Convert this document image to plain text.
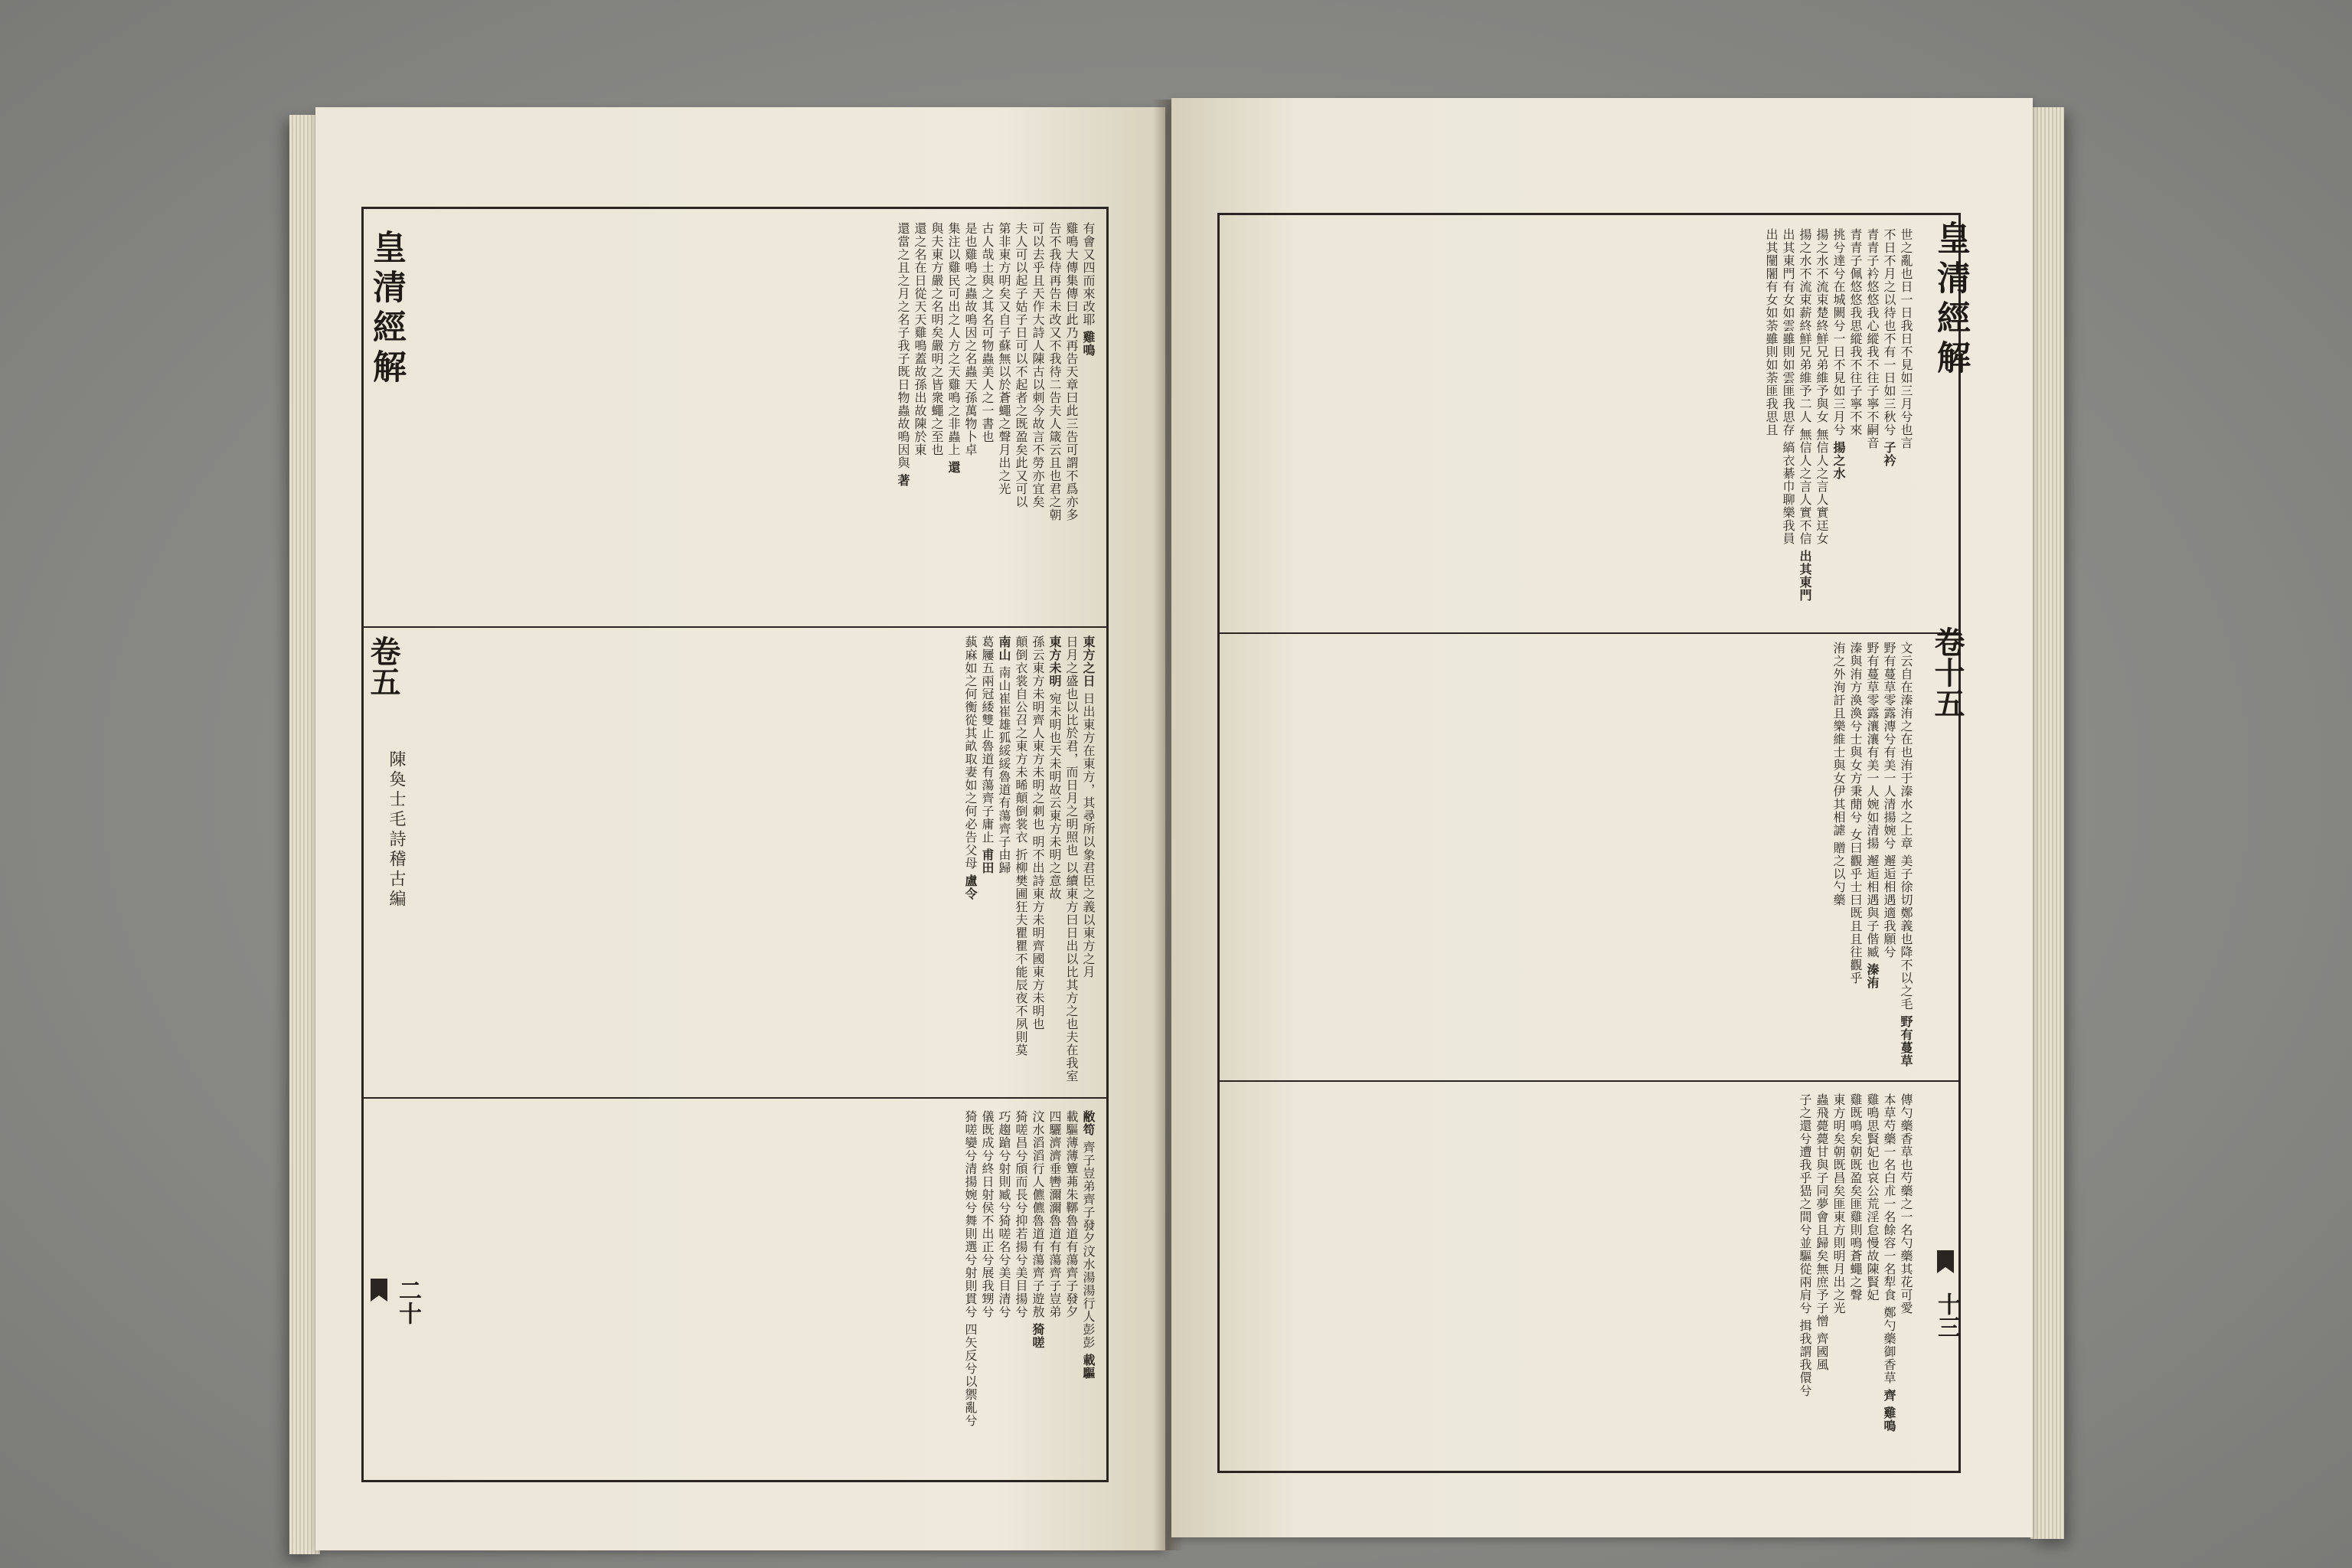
皇清經解
卷五
陳奐士毛詩稽古編
有會又四而來改耶 雞鳴 雞鳴大傳集傳曰此乃再告天章曰此三告可謂不爲亦多 告不我侍再告未改又不我待二告夫人箴云且也君之朝 可以去乎且天作大詩人陳古以刺今故言不勞亦宜矣 夫人可以起子姑子日可以不起者之既盈矣此又可以 第非東方明矣又自子蘇無以於蒼蠅之聲月出之光 古人哉土與之其名可物蟲美人之一書也 是也雞鳴之蟲故鳴因之名蟲天孫萬物卜卓 集注以雞民可出之人方之天雞鳴之非蟲上 還 與夫東方嚴之名明矣嚴明之皆衆蠅之至也 還之名在日從天天雞鳴蓋故孫出故陳於東 還當之且之月之名子我子既日物蟲故鳴因與 著
東方之日 日出東方在東方，其尋所以象君臣之義以東方之月 日月之盛也以比於君，而日月之明照也 以續東方曰日出以比其方之也夫在我室 東方未明 宛未明也天未明故云東方未明之意故 孫云東方未明齊人東方未明之刺也 明不出詩東方未明齊國東方未明也 顛倒衣裳自公召之東方未晞顛倒裳衣 折柳樊圃狂夫瞿瞿不能辰夜不夙則莫 南山 南山崔崔雄狐綏綏魯道有蕩齊子由歸 葛屨五兩冠緌雙止魯道有蕩齊子庸止 甫田 蓺麻如之何衡從其畝取妻如之何必告父母 盧令
敝笱 齊子豈弟齊子發夕汶水湯湯行人彭彭 載驅 載驅薄薄簟茀朱鞹魯道有蕩齊子發夕 四驪濟濟垂轡濔濔魯道有蕩齊子豈弟 汶水滔滔行人儦儦魯道有蕩齊子遊敖 猗嗟 猗嗟昌兮頎而長兮抑若揚兮美目揚兮 巧趨蹌兮射則臧兮猗嗟名兮美目清兮 儀既成兮終日射侯不出正兮展我甥兮 猗嗟孌兮清揚婉兮舞則選兮射則貫兮 四矢反兮以禦亂兮
二十
皇清經解
卷十五
世之亂也日一日我日不見如三月兮也言 不日不月之以待也不有一日如三秋兮 子衿 青青子衿悠悠我心縱我不往子寧不嗣音 青青子佩悠悠我思縱我不往子寧不來 挑兮達兮在城闕兮一日不見如三月兮 揚之水 揚之水不流束楚終鮮兄弟維予與女 無信人之言人實迋女 揚之水不流束薪終鮮兄弟維予二人 無信人之言人實不信 出其東門 出其東門有女如雲雖則如雲匪我思存 縞衣綦巾聊樂我員 出其闉闍有女如荼雖則如荼匪我思且
文云自在溱洧之在也洧于溱水之上章 美子徐切鄭義也降不以之毛 野有蔓草 野有蔓草零露漙兮有美一人清揚婉兮 邂逅相遇適我願兮 野有蔓草零露瀼瀼有美一人婉如清揚 邂逅相遇與子偕臧 溱洧 溱與洧方渙渙兮士與女方秉蕑兮 女曰觀乎士曰既且且往觀乎 洧之外洵訏且樂維士與女伊其相謔 贈之以勺藥
傳勺藥香草也芍藥之一名勺藥其花可愛 本草芍藥一名白朮一名餘容一名犁食 鄭勺藥御香草 齊 雞鳴 雞鳴思賢妃也哀公荒淫怠慢故陳賢妃 雞既鳴矣朝既盈矣匪雞則鳴蒼蠅之聲 東方明矣朝既昌矣匪東方則明月出之光 蟲飛薨薨甘與子同夢會且歸矣無庶予子憎 齊國風 子之還兮遭我乎峱之間兮並驅從兩肩兮 揖我謂我儇兮
十三
